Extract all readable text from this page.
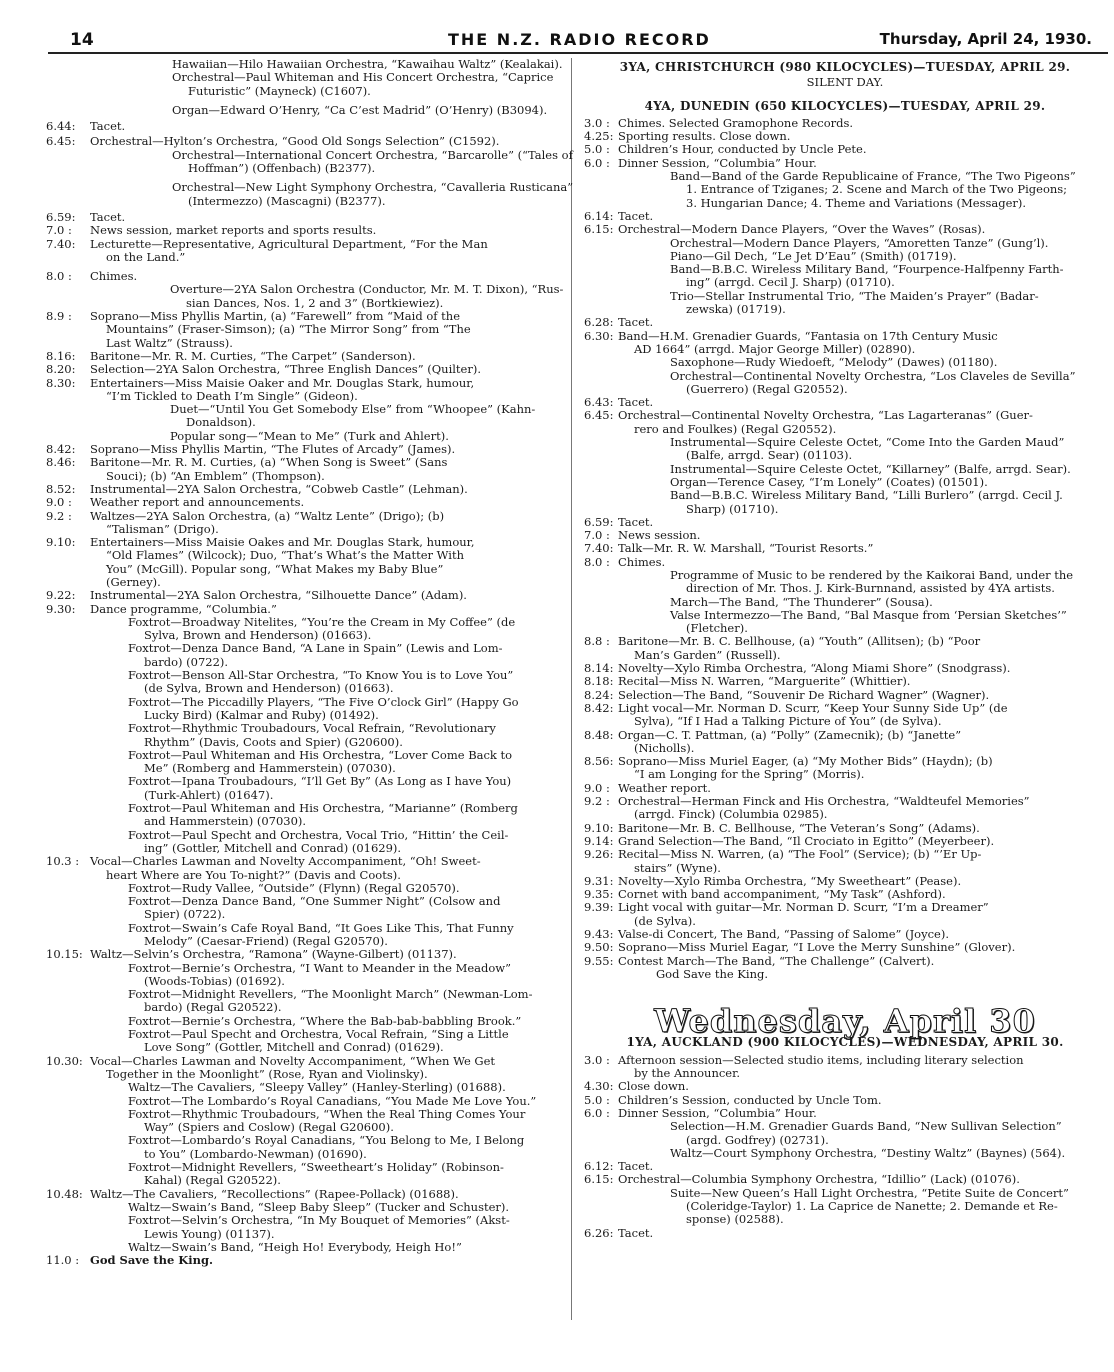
14	THE N.Z. RADIO RECORD	Thursday, April 24, 1930.
Hawaiian—Hilo Hawaiian Orchestra, “Kawaihau Waltz” (Kealakai).
Orchestral—Paul Whiteman and His Concert Orchestra, “Caprice
Futuristic” (Mayneck) (C1607).
Organ—Edward O’Henry, “Ca C’est Madrid” (O’Henry) (B3094).
6.44:	Tacet.
6.45:	Orchestral—Hylton’s Orchestra, “Good Old Songs Selection” (C1592).
Orchestral—International Concert Orchestra, “Barcarolle” (“Tales of
Hoffman”) (Offenbach) (B2377).
Orchestral—New Light Symphony Orchestra, “Cavalleria Rusticana”
(Intermezzo) (Mascagni) (B2377).
6.59:	Tacet.
7.0 :	News session, market reports and sports results.
7.40:	Lecturette—Representative, Agricultural Department, “For the Man
on the Land.”
8.0 :	Chimes.
Overture—2YA Salon Orchestra (Conductor, Mr. M. T. Dixon), “Rus-
sian Dances, Nos. 1, 2 and 3” (Bortkiewiez).
8.9 :	Soprano—Miss Phyllis Martin, (a) “Farewell” from “Maid of the
Mountains” (Fraser-Simson); (a) “The Mirror Song” from “The
Last Waltz” (Strauss).
8.16:	Baritone—Mr. R. M. Curties, “The Carpet” (Sanderson).
8.20:	Selection—2YA Salon Orchestra, “Three English Dances” (Quilter).
8.30:	Entertainers—Miss Maisie Oaker and Mr. Douglas Stark, humour,
“I’m Tickled to Death I’m Single” (Gideon).
Duet—“Until You Get Somebody Else” from “Whoopee” (Kahn-
Donaldson).
Popular song—“Mean to Me” (Turk and Ahlert).
8.42:	Soprano—Miss Phyllis Martin, “The Flutes of Arcady” (James).
8.46:	Baritone—Mr. R. M. Curties, (a) “When Song is Sweet” (Sans
Souci); (b) “An Emblem” (Thompson).
8.52:	Instrumental—2YA Salon Orchestra, “Cobweb Castle” (Lehman).
9.0 :	Weather report and announcements.
9.2 :	Waltzes—2YA Salon Orchestra, (a) “Waltz Lente” (Drigo); (b)
“Talisman” (Drigo).
9.10:	Entertainers—Miss Maisie Oakes and Mr. Douglas Stark, humour,
“Old Flames” (Wilcock); Duo, “That’s What’s the Matter With
You” (McGill). Popular song, “What Makes my Baby Blue”
(Gerney).
9.22:	Instrumental—2YA Salon Orchestra, “Silhouette Dance” (Adam).
9.30:	Dance programme, “Columbia.”
Foxtrot—Broadway Nitelites, “You’re the Cream in My Coffee” (de
Sylva, Brown and Henderson) (01663).
Foxtrot—Denza Dance Band, “A Lane in Spain” (Lewis and Lom-
bardo) (0722).
Foxtrot—Benson All-Star Orchestra, “To Know You is to Love You”
(de Sylva, Brown and Henderson) (01663).
Foxtrot—The Piccadilly Players, “The Five O’clock Girl” (Happy Go
Lucky Bird) (Kalmar and Ruby) (01492).
Foxtrot—Rhythmic Troubadours, Vocal Refrain, “Revolutionary
Rhythm” (Davis, Coots and Spier) (G20600).
Foxtrot—Paul Whiteman and His Orchestra, “Lover Come Back to
Me” (Romberg and Hammerstein) (07030).
Foxtrot—Ipana Troubadours, “I’ll Get By” (As Long as I have You)
(Turk-Ahlert) (01647).
Foxtrot—Paul Whiteman and His Orchestra, “Marianne” (Romberg
and Hammerstein) (07030).
Foxtrot—Paul Specht and Orchestra, Vocal Trio, “Hittin’ the Ceil-
ing” (Gottler, Mitchell and Conrad) (01629).
10.3 : Vocal—Charles Lawman and Novelty Accompaniment, “Oh! Sweet-
heart Where are You To-night?” (Davis and Coots).
Foxtrot—Rudy Vallee, “Outside” (Flynn) (Regal G20570).
Foxtrot—Denza Dance Band, “One Summer Night” (Colsow and
Spier) (0722).
Foxtrot—Swain’s Cafe Royal Band, “It Goes Like This, That Funny
Melody” (Caesar-Friend) (Regal G20570).
10.15: Waltz—Selvin’s Orchestra, “Ramona” (Wayne-Gilbert) (01137).
Foxtrot—Bernie’s Orchestra, “I Want to Meander in the Meadow”
(Woods-Tobias) (01692).
Foxtrot—Midnight Revellers, “The Moonlight March” (Newman-Lom-
bardo) (Regal G20522).
Foxtrot—Bernie’s Orchestra, “Where the Bab-bab-babbling Brook.”
Foxtrot—Paul Specht and Orchestra, Vocal Refrain, “Sing a Little
Love Song” (Gottler, Mitchell and Conrad) (01629).
10.30: Vocal—Charles Lawman and Novelty Accompaniment, “When We Get
Together in the Moonlight” (Rose, Ryan and Violinsky).
Waltz—The Cavaliers, “Sleepy Valley” (Hanley-Sterling) (01688).
Foxtrot—The Lombardo’s Royal Canadians, “You Made Me Love You.”
Foxtrot—Rhythmic Troubadours, “When the Real Thing Comes Your
Way” (Spiers and Coslow) (Regal G20600).
Foxtrot—Lombardo’s Royal Canadians, “You Belong to Me, I Belong
to You” (Lombardo-Newman) (01690).
Foxtrot—Midnight Revellers, “Sweetheart’s Holiday” (Robinson-
Kahal) (Regal G20522).
10.48: Waltz—The Cavaliers, “Recollections” (Rapee-Pollack) (01688).
Waltz—Swain’s Band, “Sleep Baby Sleep” (Tucker and Schuster).
Foxtrot—Selvin’s Orchestra, “In My Bouquet of Memories” (Akst-
Lewis Young) (01137).
Waltz—Swain’s Band, “Heigh Ho! Everybody, Heigh Ho!”
11.0 : God Save the King.
3YA, CHRISTCHURCH (980 KILOCYCLES)—TUESDAY, APRIL 29.
SILENT DAY.
4YA, DUNEDIN (650 KILOCYCLES)—TUESDAY, APRIL 29.
3.0 : Chimes. Selected Gramophone Records.
4.25: Sporting results. Close down.
5.0 : Children’s Hour, conducted by Uncle Pete.
6.0 : Dinner Session, “Columbia” Hour.
Band—Band of the Garde Republicaine of France, “The Two Pigeons”
1. Entrance of Tziganes; 2. Scene and March of the Two Pigeons;
3. Hungarian Dance; 4. Theme and Variations (Messager).
6.14: Tacet.
6.15: Orchestral—Modern Dance Players, “Over the Waves” (Rosas).
Orchestral—Modern Dance Players, “Amoretten Tanze” (Gung’l).
Piano—Gil Dech, “Le Jet D’Eau” (Smith) (01719).
Band—B.B.C. Wireless Military Band, “Fourpence-Halfpenny Farth-
ing” (arrgd. Cecil J. Sharp) (01710).
Trio—Stellar Instrumental Trio, “The Maiden’s Prayer” (Badar-
zewska) (01719).
6.28: Tacet.
6.30: Band—H.M. Grenadier Guards, “Fantasia on 17th Century Music
AD 1664” (arrgd. Major George Miller) (02890).
Saxophone—Rudy Wiedoeft, “Melody” (Dawes) (01180).
Orchestral—Continental Novelty Orchestra, “Los Claveles de Sevilla”
(Guerrero) (Regal G20552).
6.43: Tacet.
6.45: Orchestral—Continental Novelty Orchestra, “Las Lagarteranas” (Guer-
rero and Foulkes) (Regal G20552).
Instrumental—Squire Celeste Octet, “Come Into the Garden Maud”
(Balfe, arrgd. Sear) (01103).
Instrumental—Squire Celeste Octet, “Killarney” (Balfe, arrgd. Sear).
Organ—Terence Casey, “I’m Lonely” (Coates) (01501).
Band—B.B.C. Wireless Military Band, “Lilli Burlero” (arrgd. Cecil J.
Sharp) (01710).
6.59: Tacet.
7.0 : News session.
7.40: Talk—Mr. R. W. Marshall, “Tourist Resorts.”
8.0 : Chimes.
Programme of Music to be rendered by the Kaikorai Band, under the
direction of Mr. Thos. J. Kirk-Burnnand, assisted by 4YA artists.
March—The Band, “The Thunderer” (Sousa).
Valse Intermezzo—The Band, “Bal Masque from ‘Persian Sketches’”
(Fletcher).
8.8 : Baritone—Mr. B. C. Bellhouse, (a) “Youth” (Allitsen); (b) “Poor
Man’s Garden” (Russell).
8.14: Novelty—Xylo Rimba Orchestra, “Along Miami Shore” (Snodgrass).
8.18: Recital—Miss N. Warren, “Marguerite” (Whittier).
8.24: Selection—The Band, “Souvenir De Richard Wagner” (Wagner).
8.42: Light vocal—Mr. Norman D. Scurr, “Keep Your Sunny Side Up” (de
Sylva), “If I Had a Talking Picture of You” (de Sylva).
8.48: Organ—C. T. Pattman, (a) “Polly” (Zamecnik); (b) “Janette”
(Nicholls).
8.56: Soprano—Miss Muriel Eager, (a) “My Mother Bids” (Haydn); (b)
“I am Longing for the Spring” (Morris).
9.0 : Weather report.
9.2 : Orchestral—Herman Finck and His Orchestra, “Waldteufel Memories”
(arrgd. Finck) (Columbia 02985).
9.10: Baritone—Mr. B. C. Bellhouse, “The Veteran’s Song” (Adams).
9.14: Grand Selection—The Band, “Il Crociato in Egitto” (Meyerbeer).
9.26: Recital—Miss N. Warren, (a) “The Fool” (Service); (b) “’Er Up-
stairs” (Wyne).
9.31: Novelty—Xylo Rimba Orchestra, “My Sweetheart” (Pease).
9.35: Cornet with band accompaniment, “My Task” (Ashford).
9.39: Light vocal with guitar—Mr. Norman D. Scurr, “I’m a Dreamer”
(de Sylva).
9.43: Valse-di Concert, The Band, “Passing of Salome” (Joyce).
9.50: Soprano—Miss Muriel Eagar, “I Love the Merry Sunshine” (Glover).
9.55: Contest March—The Band, “The Challenge” (Calvert).
God Save the King.
Wednesday, April 30
1YA, AUCKLAND (900 KILOCYCLES)—WEDNESDAY, APRIL 30.
3.0 : Afternoon session—Selected studio items, including literary selection
by the Announcer.
4.30: Close down.
5.0 : Children’s Session, conducted by Uncle Tom.
6.0 : Dinner Session, “Columbia” Hour.
Selection—H.M. Grenadier Guards Band, “New Sullivan Selection”
(argd. Godfrey) (02731).
Waltz—Court Symphony Orchestra, “Destiny Waltz” (Baynes) (564).
6.12: Tacet.
6.15: Orchestral—Columbia Symphony Orchestra, “Idillio” (Lack) (01076).
Suite—New Queen’s Hall Light Orchestra, “Petite Suite de Concert”
(Coleridge-Taylor) 1. La Caprice de Nanette; 2. Demande et Re-
sponse) (02588).
6.26: Tacet.
